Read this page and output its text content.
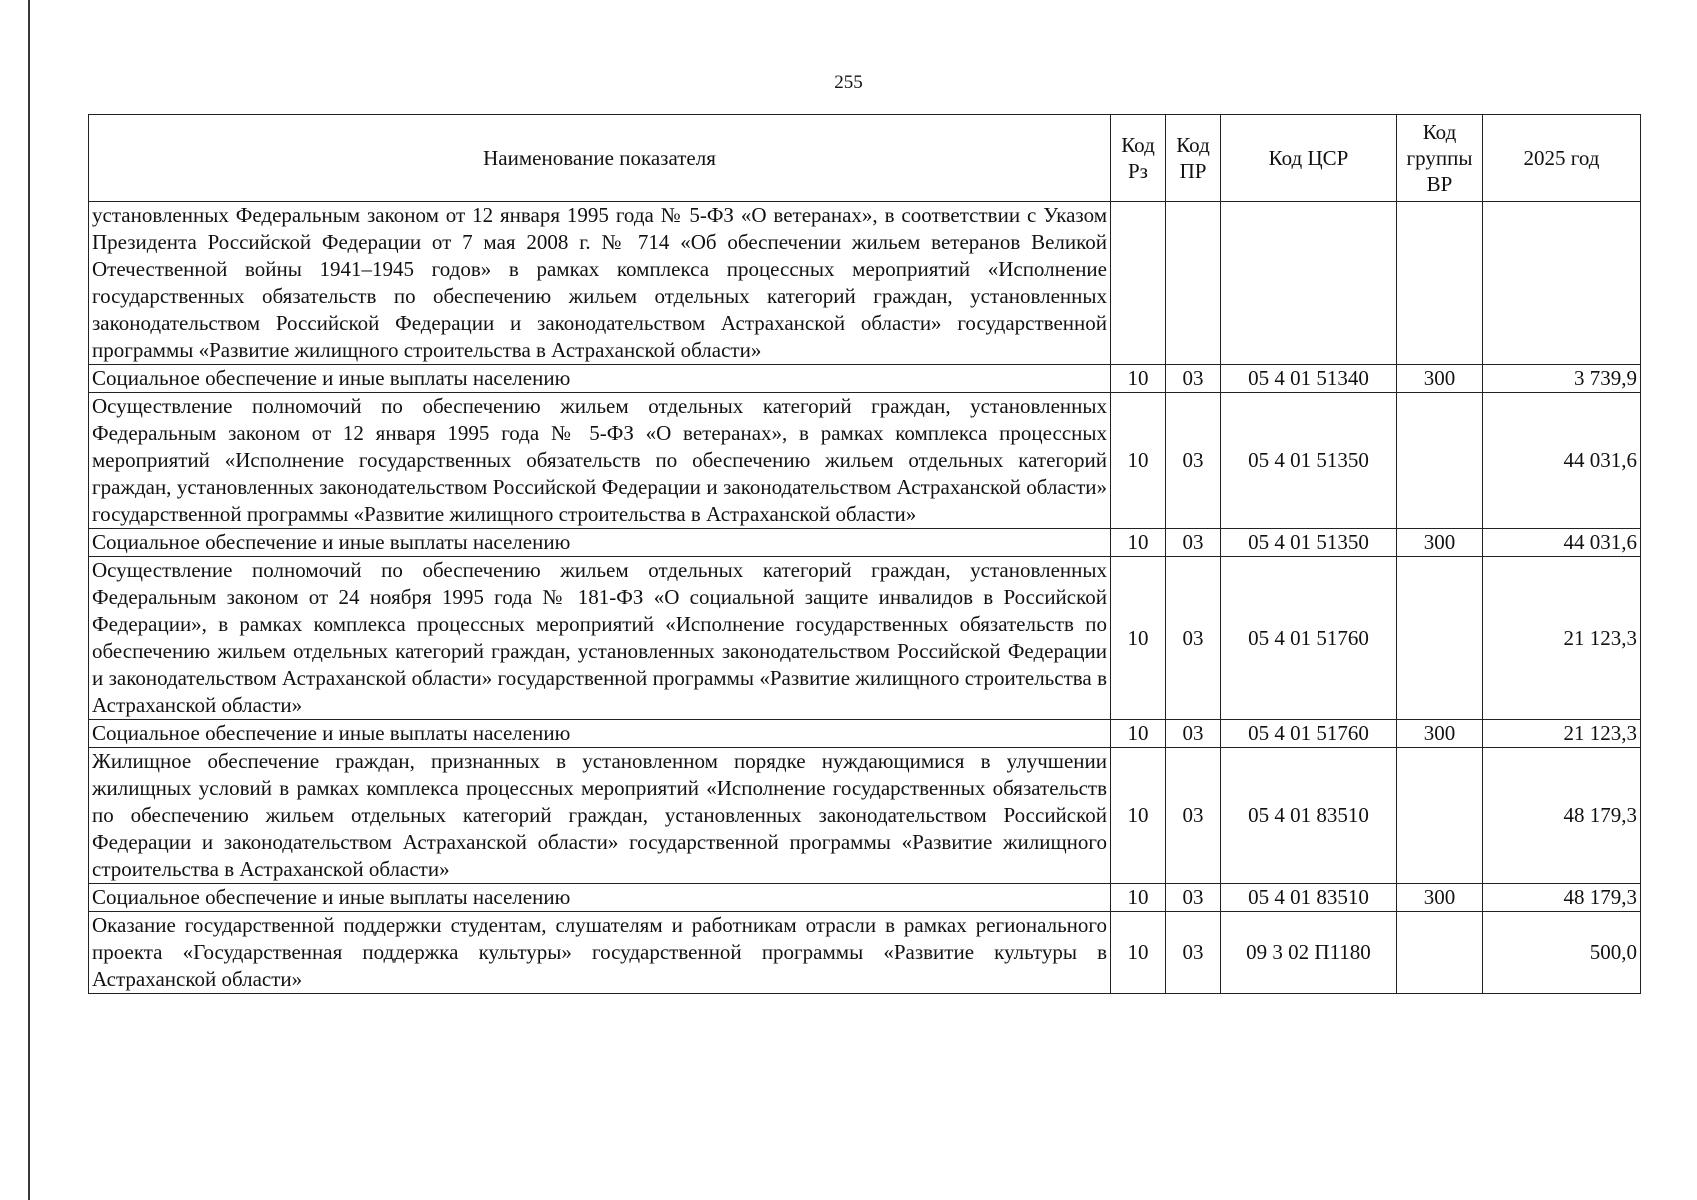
255
Наименование показателя	Код Рз	Код ПР	Код ЦСР	Код группы ВР	2025 год
установленных Федеральным законом от 12 января 1995 года № 5-ФЗ «О ветеранах», в соответствии с Указом Президента Российской Федерации от 7 мая 2008 г. № 714 «Об обеспечении жильем ветеранов Великой Отечественной войны 1941–1945 годов» в рамках комплекса процессных мероприятий «Исполнение государственных обязательств по обеспечению жильем отдельных категорий граждан, установленных законодательством Российской Федерации и законодательством Астраханской области» государственной программы «Развитие жилищного строительства в Астраханской области»					
Социальное обеспечение и иные выплаты населению	10	03	05 4 01 51340	300	3 739,9
Осуществление полномочий по обеспечению жильем отдельных категорий граждан, установленных Федеральным законом от 12 января 1995 года № 5-ФЗ «О ветеранах», в рамках комплекса процессных мероприятий «Исполнение государственных обязательств по обеспечению жильем отдельных категорий граждан, установленных законодательством Российской Федерации и законодательством Астраханской области» государственной программы «Развитие жилищного строительства в Астраханской области»	10	03	05 4 01 51350		44 031,6
Социальное обеспечение и иные выплаты населению	10	03	05 4 01 51350	300	44 031,6
Осуществление полномочий по обеспечению жильем отдельных категорий граждан, установленных Федеральным законом от 24 ноября 1995 года № 181-ФЗ «О социальной защите инвалидов в Российской Федерации», в рамках комплекса процессных мероприятий «Исполнение государственных обязательств по обеспечению жильем отдельных категорий граждан, установленных законодательством Российской Федерации и законодательством Астраханской области» государственной программы «Развитие жилищного строительства в Астраханской области»	10	03	05 4 01 51760		21 123,3
Социальное обеспечение и иные выплаты населению	10	03	05 4 01 51760	300	21 123,3
Жилищное обеспечение граждан, признанных в установленном порядке нуждающимися в улучшении жилищных условий в рамках комплекса процессных мероприятий «Исполнение государственных обязательств по обеспечению жильем отдельных категорий граждан, установленных законодательством Российской Федерации и законодательством Астраханской области» государственной программы «Развитие жилищного строительства в Астраханской области»	10	03	05 4 01 83510		48 179,3
Социальное обеспечение и иные выплаты населению	10	03	05 4 01 83510	300	48 179,3
Оказание государственной поддержки студентам, слушателям и работникам отрасли в рамках регионального проекта «Государственная поддержка культуры» государственной программы «Развитие культуры в Астраханской области»	10	03	09 3 02 П1180		500,0
